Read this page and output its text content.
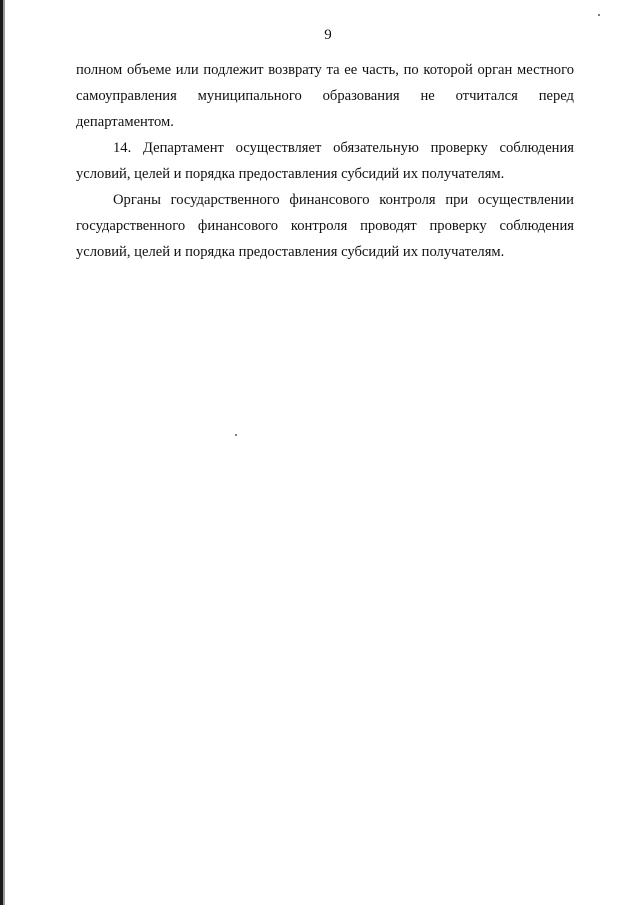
9

полном объеме или подлежит возврату та ее часть, по которой орган местного самоуправления муниципального образования не отчитался перед департаментом.

14. Департамент осуществляет обязательную проверку соблюдения условий, целей и порядка предоставления субсидий их получателям.

Органы государственного финансового контроля при осуществлении государственного финансового контроля проводят проверку соблюдения условий, целей и порядка предоставления субсидий их получателям.
